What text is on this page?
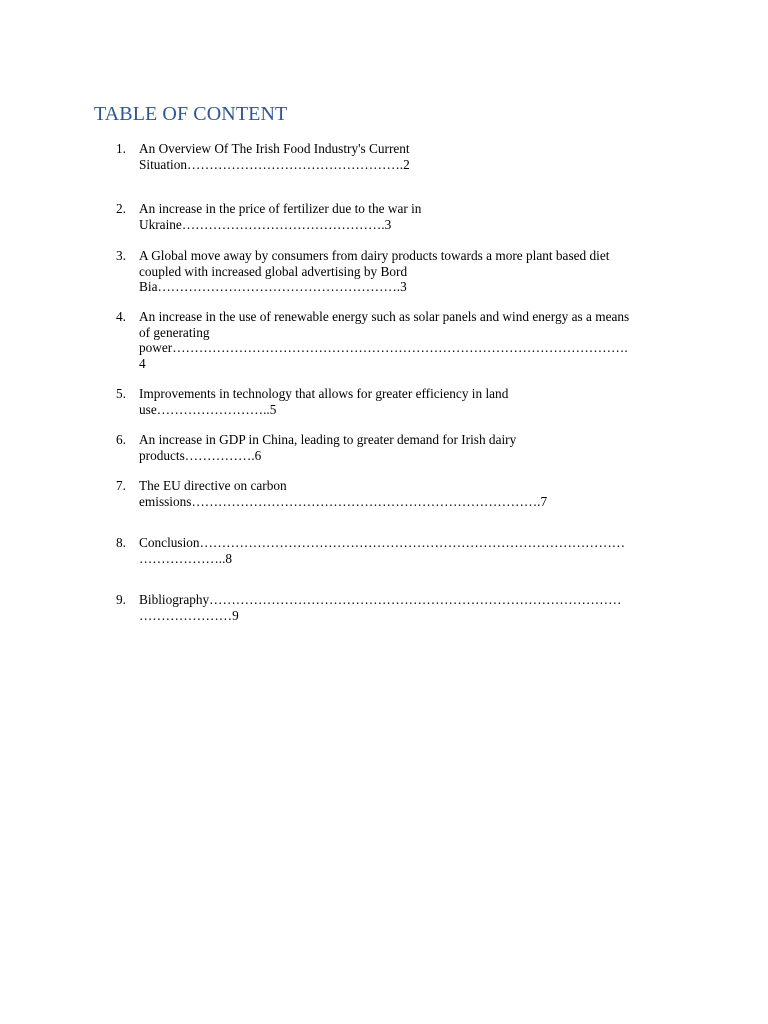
TABLE OF CONTENT
1. An Overview Of The Irish Food Industry's Current
Situation………………………………………….2
2. An increase in the price of fertilizer due to the war in
Ukraine……………………………………….3
3. A Global move away by consumers from dairy products towards a more plant based diet
coupled with increased global advertising by Bord
Bia……………………………………………….3
4. An increase in the use of renewable energy such as solar panels and wind energy as a means
of generating
power………………………………………………………………………………………….
4
5. Improvements in technology that allows for greater efficiency in land
use……………………..5
6. An increase in GDP in China, leading to greater demand for Irish dairy
products…………….6
7. The EU directive on carbon
emissions…………………………………………………………………….7
8. Conclusion……………………………………………………………………………………
………………..8
9. Bibliography…………………………………………………………………………………
…………………9
